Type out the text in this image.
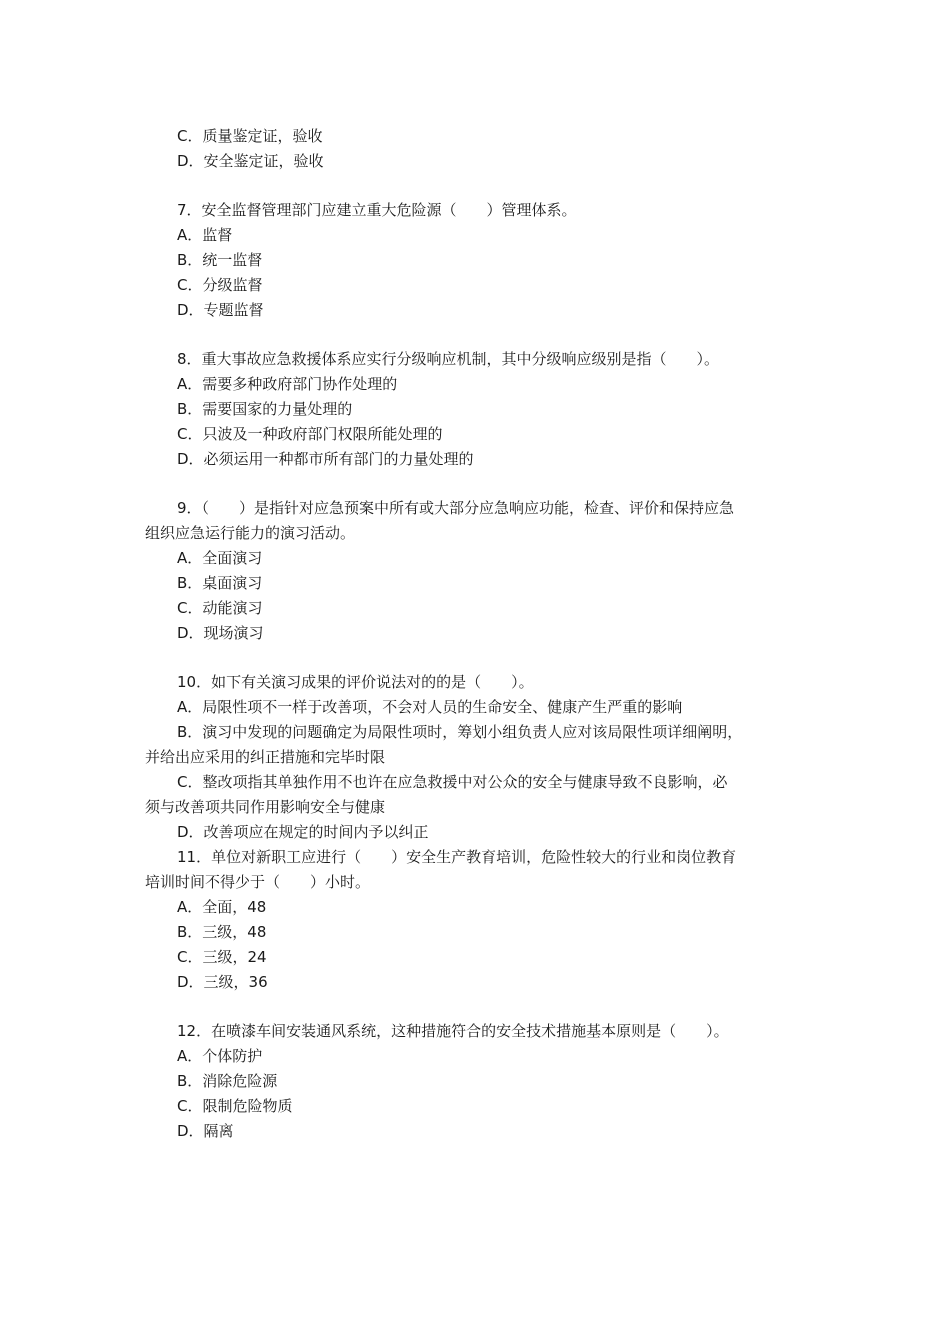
C．质量鉴定证，验收
D．安全鉴定证，验收
7．安全监督管理部门应建立重大危险源（　　）管理体系。
A．监督
B．统一监督
C．分级监督
D．专题监督
8．重大事故应急救援体系应实行分级响应机制，其中分级响应级别是指（　　）。
A．需要多种政府部门协作处理的
B．需要国家的力量处理的
C．只波及一种政府部门权限所能处理的
D．必须运用一种都市所有部门的力量处理的
9．（　　）是指针对应急预案中所有或大部分应急响应功能，检查、评价和保持应急
组织应急运行能力的演习活动。
A．全面演习
B．桌面演习
C．动能演习
D．现场演习
10．如下有关演习成果的评价说法对的的是（　　）。
A．局限性项不一样于改善项，不会对人员的生命安全、健康产生严重的影响
B．演习中发现的问题确定为局限性项时，筹划小组负责人应对该局限性项详细阐明，
并给出应采用的纠正措施和完毕时限
C．整改项指其单独作用不也许在应急救援中对公众的安全与健康导致不良影响，必
须与改善项共同作用影响安全与健康
D．改善项应在规定的时间内予以纠正
11．单位对新职工应进行（　　）安全生产教育培训，危险性较大的行业和岗位教育
培训时间不得少于（　　）小时。
A．全面，48
B．三级，48
C．三级，24
D．三级，36
12．在喷漆车间安装通风系统，这种措施符合的安全技术措施基本原则是（　　）。
A．个体防护
B．消除危险源
C．限制危险物质
D．隔离
